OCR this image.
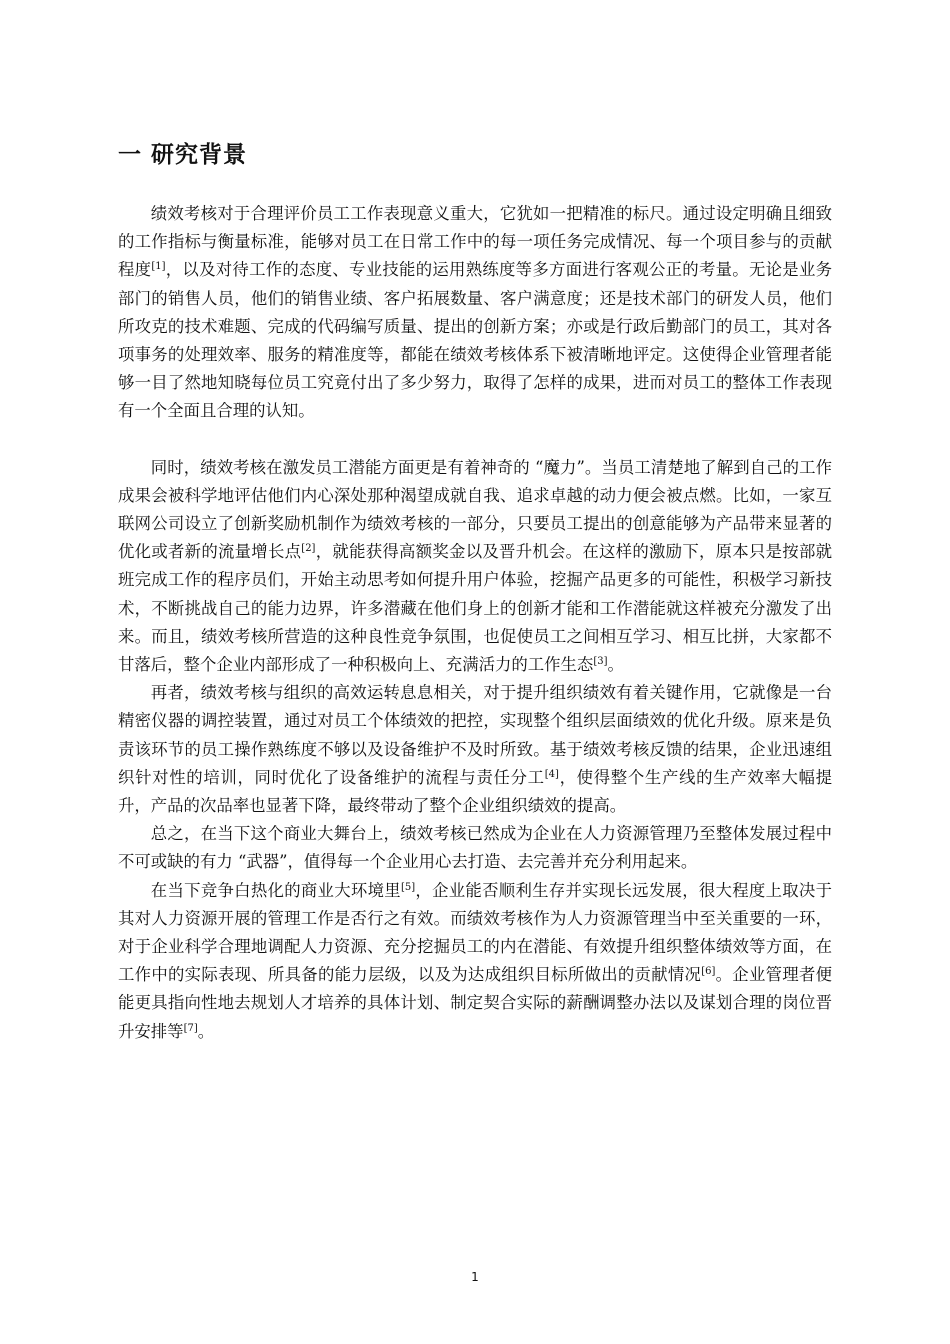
一 研究背景

绩效考核对于合理评价员工工作表现意义重大，它犹如一把精准的标尺。通过设定明确且细致的工作指标与衡量标准，能够对员工在日常工作中的每一项任务完成情况、每一个项目参与的贡献程度[1]，以及对待工作的态度、专业技能的运用熟练度等多方面进行客观公正的考量。无论是业务部门的销售人员，他们的销售业绩、客户拓展数量、客户满意度；还是技术部门的研发人员，他们所攻克的技术难题、完成的代码编写质量、提出的创新方案；亦或是行政后勤部门的员工，其对各项事务的处理效率、服务的精准度等，都能在绩效考核体系下被清晰地评定。这使得企业管理者能够一目了然地知晓每位员工究竟付出了多少努力，取得了怎样的成果，进而对员工的整体工作表现有一个全面且合理的认知。

同时，绩效考核在激发员工潜能方面更是有着神奇的 “魔力”。当员工清楚地了解到自己的工作成果会被科学地评估他们内心深处那种渴望成就自我、追求卓越的动力便会被点燃。比如，一家互联网公司设立了创新奖励机制作为绩效考核的一部分，只要员工提出的创意能够为产品带来显著的优化或者新的流量增长点[2]，就能获得高额奖金以及晋升机会。在这样的激励下，原本只是按部就班完成工作的程序员们，开始主动思考如何提升用户体验，挖掘产品更多的可能性，积极学习新技术，不断挑战自己的能力边界，许多潜藏在他们身上的创新才能和工作潜能就这样被充分激发了出来。而且，绩效考核所营造的这种良性竞争氛围，也促使员工之间相互学习、相互比拼，大家都不甘落后，整个企业内部形成了一种积极向上、充满活力的工作生态[3]。

再者，绩效考核与组织的高效运转息息相关，对于提升组织绩效有着关键作用，它就像是一台精密仪器的调控装置，通过对员工个体绩效的把控，实现整个组织层面绩效的优化升级。原来是负责该环节的员工操作熟练度不够以及设备维护不及时所致。基于绩效考核反馈的结果，企业迅速组织针对性的培训，同时优化了设备维护的流程与责任分工[4]，使得整个生产线的生产效率大幅提升，产品的次品率也显著下降，最终带动了整个企业组织绩效的提高。

总之，在当下这个商业大舞台上，绩效考核已然成为企业在人力资源管理乃至整体发展过程中不可或缺的有力 “武器”，值得每一个企业用心去打造、去完善并充分利用起来。

在当下竞争白热化的商业大环境里[5]，企业能否顺利生存并实现长远发展，很大程度上取决于其对人力资源开展的管理工作是否行之有效。而绩效考核作为人力资源管理当中至关重要的一环，对于企业科学合理地调配人力资源、充分挖掘员工的内在潜能、有效提升组织整体绩效等方面，在工作中的实际表现、所具备的能力层级，以及为达成组织目标所做出的贡献情况[6]。企业管理者便能更具指向性地去规划人才培养的具体计划、制定契合实际的薪酬调整办法以及谋划合理的岗位晋升安排等[7]。

1
